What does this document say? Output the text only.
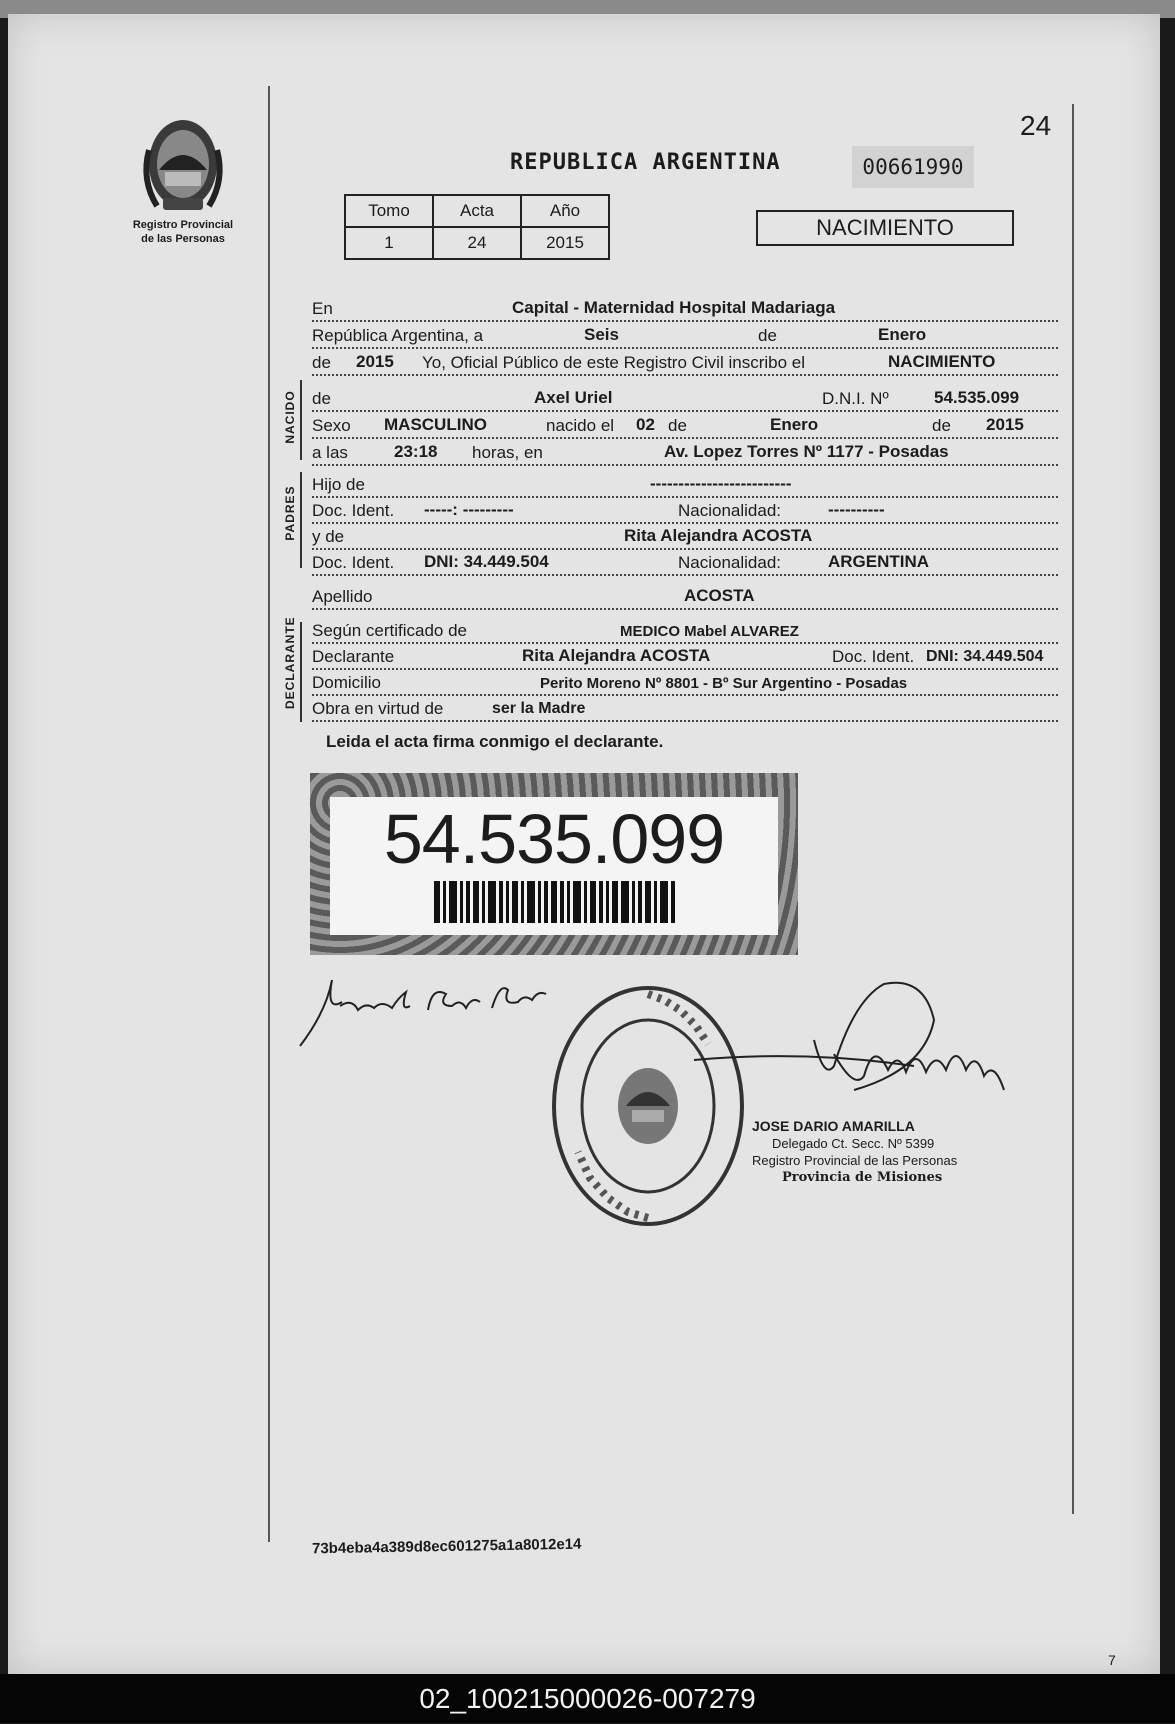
Registro Provincial
de las Personas
24
REPUBLICA ARGENTINA	00661990
Tomo	Acta	Año
1	24	2015
NACIMIENTO
En	Capital - Maternidad Hospital Madariaga
República Argentina, a	Seis	de	Enero
de 2015 Yo, Oficial Público de este Registro Civil inscribo el	NACIMIENTO
NACIDO de	Axel Uriel	D.N.I. Nº	54.535.099
Sexo MASCULINO	nacido el 02 de	Enero	de 2015
a las	23:18 horas, en	Av. Lopez Torres Nº 1177 - Posadas
PADRES
Hijo de	-------------------------
Doc. Ident. -----: ---------	Nacionalidad:	----------
y de	Rita Alejandra ACOSTA
Doc. Ident. DNI: 34.449.504	Nacionalidad:	ARGENTINA
Apellido	ACOSTA
DECLARANTE Según certificado de	MEDICO Mabel ALVAREZ
Declarante	Rita Alejandra ACOSTA	Doc. Ident. DNI: 34.449.504
Domicilio	Perito Moreno Nº 8801 - Bº Sur Argentino - Posadas
Obra en virtud de	ser la Madre
Leida el acta firma conmigo el declarante.
54.535.099
JOSE DARIO AMARILLA
Delegado Ct. Secc. Nº 5399
Registro Provincial de las Personas
Provincia de Misiones
73b4eba4a389d8ec601275a1a8012e14
7
02_100215000026-007279
